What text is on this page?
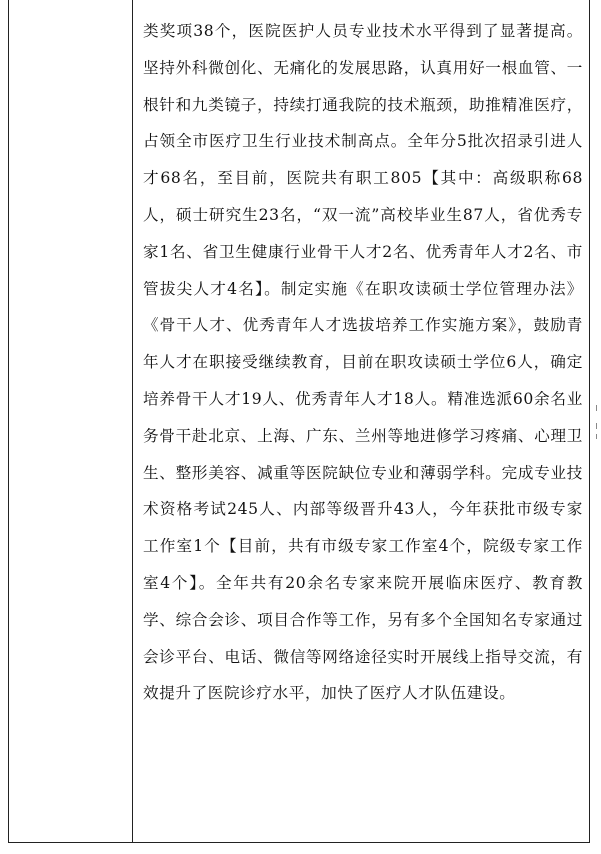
类奖项38个，医院医护人员专业技术水平得到了显著提高。坚持外科微创化、无痛化的发展思路，认真用好一根血管、一根针和九类镜子，持续打通我院的技术瓶颈，助推精准医疗，占领全市医疗卫生行业技术制高点。全年分5批次招录引进人才68名，至目前，医院共有职工805【其中：高级职称68人，硕士研究生23名，“双一流”高校毕业生87人，省优秀专家1名、省卫生健康行业骨干人才2名、优秀青年人才2名、市管拔尖人才4名】。制定实施《在职攻读硕士学位管理办法》《骨干人才、优秀青年人才选拔培养工作实施方案》，鼓励青年人才在职接受继续教育，目前在职攻读硕士学位6人，确定培养骨干人才19人、优秀青年人才18人。精准选派60余名业务骨干赴北京、上海、广东、兰州等地进修学习疼痛、心理卫生、整形美容、减重等医院缺位专业和薄弱学科。完成专业技术资格考试245人、内部等级晋升43人，今年获批市级专家工作室1个【目前，共有市级专家工作室4个，院级专家工作室4个】。全年共有20余名专家来院开展临床医疗、教育教学、综合会诊、项目合作等工作，另有多个全国知名专家通过会诊平台、电话、微信等网络途径实时开展线上指导交流，有效提升了医院诊疗水平，加快了医疗人才队伍建设。
